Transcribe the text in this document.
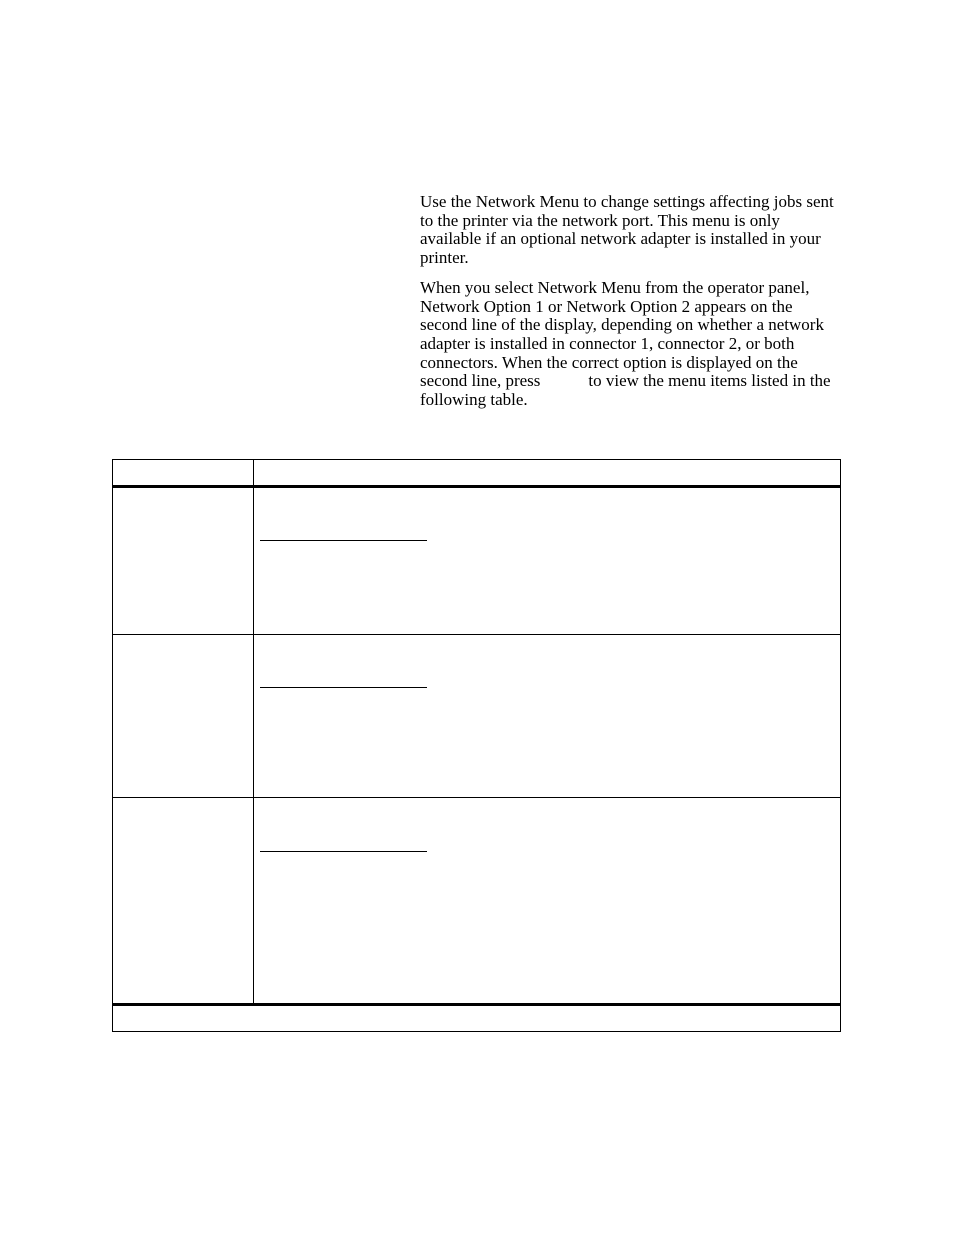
Use the Network Menu to change settings affecting jobs sent to the printer via the network port. This menu is only available if an optional network adapter is installed in your printer.

When you select Network Menu from the operator panel, Network Option 1 or Network Option 2 appears on the second line of the display, depending on whether a network adapter is installed in connector 1, connector 2, or both connectors. When the correct option is displayed on the second line, press	to view the menu items listed in the following table.
